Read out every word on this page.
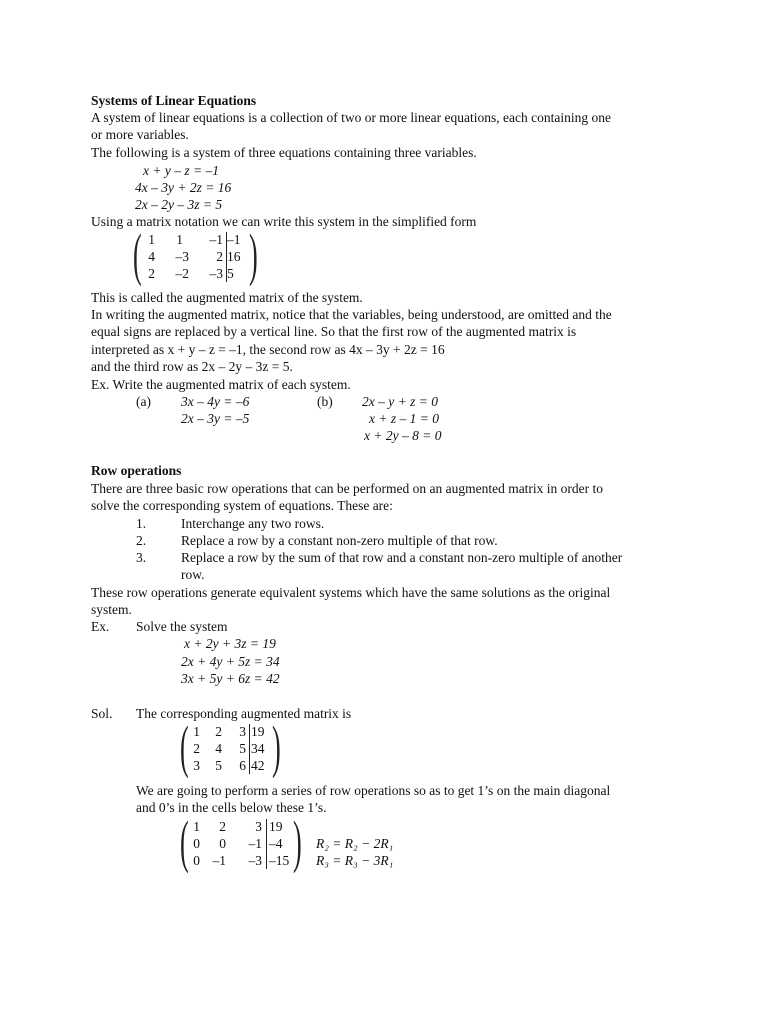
Systems of Linear Equations
A system of linear equations is a collection of two or more linear equations, each containing one
or more variables.
The following is a system of three equations containing three variables.
x + y – z = –1
4x – 3y + 2z = 16
2x – 2y – 3z = 5
Using a matrix notation we can write this system in the simplified form
( )
1	1	–1 –1
4	–3	2 16
2	–2	–3 5
This is called the augmented matrix of the system.
In writing the augmented matrix, notice that the variables, being understood, are omitted and the
equal signs are replaced by a vertical line. So that the first row of the augmented matrix is
interpreted as x + y – z = –1, the second row as 4x – 3y + 2z = 16
and the third row as 2x – 2y – 3z = 5.
Ex. Write the augmented matrix of each system.
(a) 3x – 4y = –6
2x – 3y = –5
(b) 2x – y + z = 0
x + z – 1 = 0
x + 2y – 8 = 0
Row operations
There are three basic row operations that can be performed on an augmented matrix in order to
solve the corresponding system of equations. These are:
1.	Interchange any two rows.
2.	Replace a row by a constant non-zero multiple of that row.
3.	Replace a row by the sum of that row and a constant non-zero multiple of another
row.
These row operations generate equivalent systems which have the same solutions as the original
system.
Ex. Solve the system
x + 2y + 3z = 19
2x + 4y + 5z = 34
3x + 5y + 6z = 42
Sol. The corresponding augmented matrix is
( )
1	2	3 19
2	4	5 34
3	5	6 42
We are going to perform a series of row operations so as to get 1’s on the main diagonal
and 0’s in the cells below these 1’s.
( )
1	2	3 19
0	0	–1 –4
0 –1	–3 –15
R₂ = R₂ − 2R₁
R₃ = R₃ − 3R₁
